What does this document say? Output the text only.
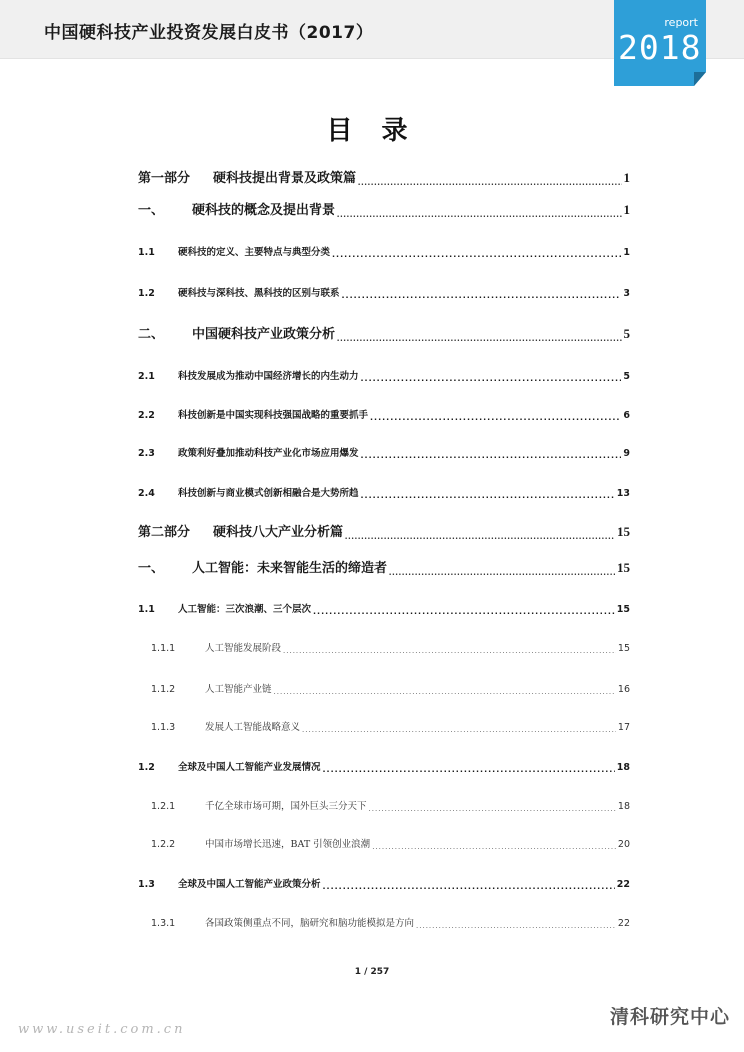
中国硬科技产业投资发展白皮书（2017）
report
2018
目 录
第一部分	硬科技提出背景及政策篇 .....	1
一、	硬科技的概念及提出背景 .....	1
1.1	硬科技的定义、主要特点与典型分类 .....	1
1.2	硬科技与深科技、黑科技的区别与联系 .....	3
二、	中国硬科技产业政策分析 .....	5
2.1	科技发展成为推动中国经济增长的内生动力 .....	5
2.2	科技创新是中国实现科技强国战略的重要抓手 .....	6
2.3	政策利好叠加推动科技产业化市场应用爆发 .....	9
2.4	科技创新与商业模式创新相融合是大势所趋 .....	13
第二部分	硬科技八大产业分析篇 .....	15
一、	人工智能：未来智能生活的缔造者 .....	15
1.1	人工智能：三次浪潮、三个层次 .....	15
1.1.1	人工智能发展阶段 .....	15
1.1.2	人工智能产业链 .....	16
1.1.3	发展人工智能战略意义 .....	17
1.2	全球及中国人工智能产业发展情况 .....	18
1.2.1	千亿全球市场可期，国外巨头三分天下 .....	18
1.2.2	中国市场增长迅速，BAT 引领创业浪潮 .....	20
1.3	全球及中国人工智能产业政策分析 .....	22
1.3.1	各国政策侧重点不同，脑研究和脑功能模拟是方向 .....	22
1 / 257
www.useit.com.cn
清科研究中心
